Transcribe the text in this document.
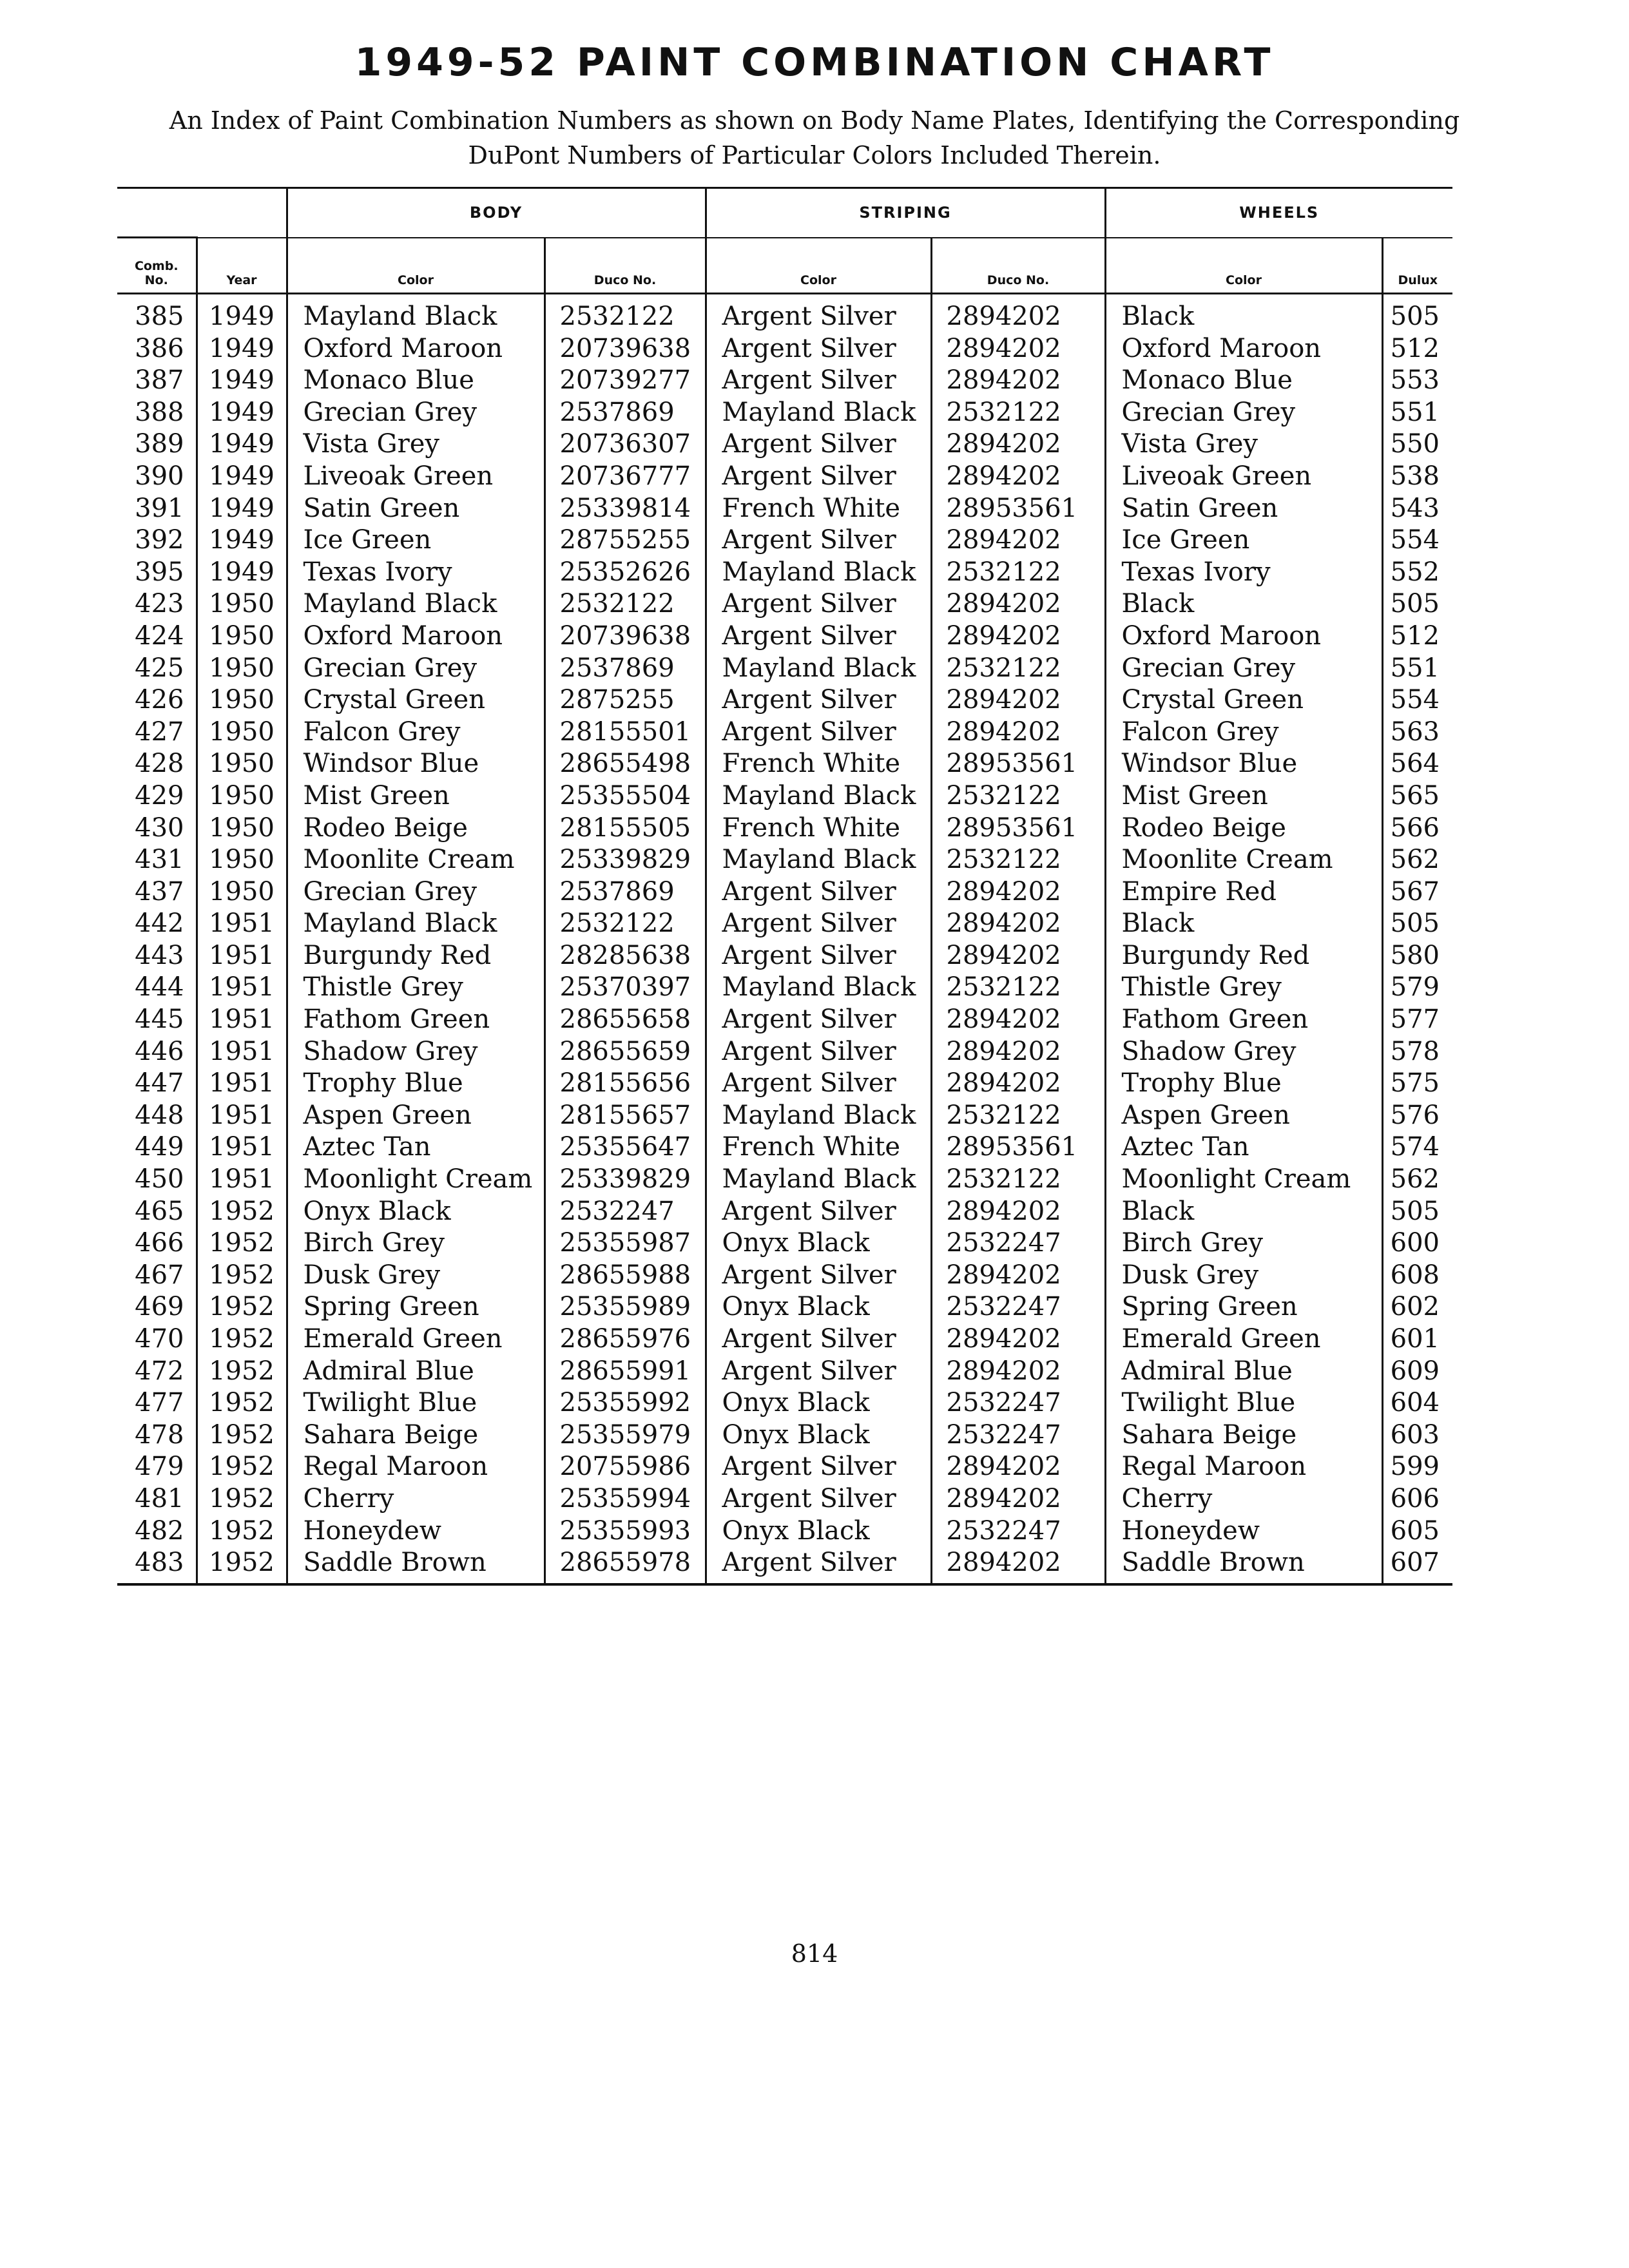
1949-52 PAINT COMBINATION CHART
An Index of Paint Combination Numbers as shown on Body Name Plates, Identifying the Corresponding
DuPont Numbers of Particular Colors Included Therein.
		BODY		STRIPING		WHEELS	

Comb.
No.	Year	Color	Duco No.	Color	Duco No.	Color	Dulux
385	1949	Mayland Black	2532122	Argent Silver	2894202	Black	505
386	1949	Oxford Maroon	20739638	Argent Silver	2894202	Oxford Maroon	512
387	1949	Monaco Blue	20739277	Argent Silver	2894202	Monaco Blue	553
388	1949	Grecian Grey	2537869	Mayland Black	2532122	Grecian Grey	551
389	1949	Vista Grey	20736307	Argent Silver	2894202	Vista Grey	550
390	1949	Liveoak Green	20736777	Argent Silver	2894202	Liveoak Green	538
391	1949	Satin Green	25339814	French White	28953561	Satin Green	543
392	1949	Ice Green	28755255	Argent Silver	2894202	Ice Green	554
395	1949	Texas Ivory	25352626	Mayland Black	2532122	Texas Ivory	552
423	1950	Mayland Black	2532122	Argent Silver	2894202	Black	505
424	1950	Oxford Maroon	20739638	Argent Silver	2894202	Oxford Maroon	512
425	1950	Grecian Grey	2537869	Mayland Black	2532122	Grecian Grey	551
426	1950	Crystal Green	2875255	Argent Silver	2894202	Crystal Green	554
427	1950	Falcon Grey	28155501	Argent Silver	2894202	Falcon Grey	563
428	1950	Windsor Blue	28655498	French White	28953561	Windsor Blue	564
429	1950	Mist Green	25355504	Mayland Black	2532122	Mist Green	565
430	1950	Rodeo Beige	28155505	French White	28953561	Rodeo Beige	566
431	1950	Moonlite Cream	25339829	Mayland Black	2532122	Moonlite Cream	562
437	1950	Grecian Grey	2537869	Argent Silver	2894202	Empire Red	567
442	1951	Mayland Black	2532122	Argent Silver	2894202	Black	505
443	1951	Burgundy Red	28285638	Argent Silver	2894202	Burgundy Red	580
444	1951	Thistle Grey	25370397	Mayland Black	2532122	Thistle Grey	579
445	1951	Fathom Green	28655658	Argent Silver	2894202	Fathom Green	577
446	1951	Shadow Grey	28655659	Argent Silver	2894202	Shadow Grey	578
447	1951	Trophy Blue	28155656	Argent Silver	2894202	Trophy Blue	575
448	1951	Aspen Green	28155657	Mayland Black	2532122	Aspen Green	576
449	1951	Aztec Tan	25355647	French White	28953561	Aztec Tan	574
450	1951	Moonlight Cream	25339829	Mayland Black	2532122	Moonlight Cream	562
465	1952	Onyx Black	2532247	Argent Silver	2894202	Black	505
466	1952	Birch Grey	25355987	Onyx Black	2532247	Birch Grey	600
467	1952	Dusk Grey	28655988	Argent Silver	2894202	Dusk Grey	608
469	1952	Spring Green	25355989	Onyx Black	2532247	Spring Green	602
470	1952	Emerald Green	28655976	Argent Silver	2894202	Emerald Green	601
472	1952	Admiral Blue	28655991	Argent Silver	2894202	Admiral Blue	609
477	1952	Twilight Blue	25355992	Onyx Black	2532247	Twilight Blue	604
478	1952	Sahara Beige	25355979	Onyx Black	2532247	Sahara Beige	603
479	1952	Regal Maroon	20755986	Argent Silver	2894202	Regal Maroon	599
481	1952	Cherry	25355994	Argent Silver	2894202	Cherry	606
482	1952	Honeydew	25355993	Onyx Black	2532247	Honeydew	605
483	1952	Saddle Brown	28655978	Argent Silver	2894202	Saddle Brown	607
814
